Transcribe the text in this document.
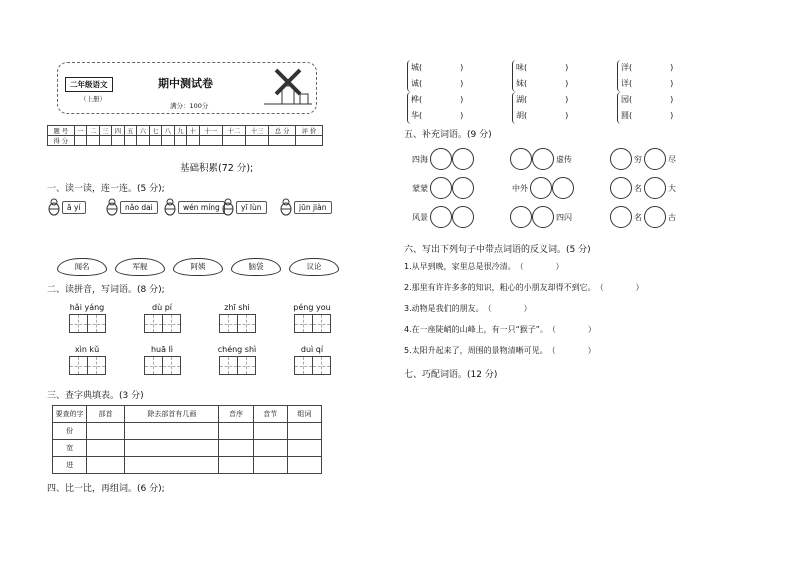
二年级语文
（上册）
期中测试卷
满分：100分
题 号	一	二	三	四	五	六	七	八	九	十	十一	十二	十三	总 分	评 价
得 分															
基础积累(72 分);
一、读一读，连一连。(5 分);
ā yí	nǎo dai	wén míng	yī lùn	jūn jiàn
闻名	军舰	阿姨	脑袋	议论
二、读拼音，写词语。(8 分);
hǎi yáng	dù pí	zhī shi	péng you
xìn kǔ	huā lì	chéng shì	duì qí
三、查字典填表。(3 分)
要查的字	部首	除去部首有几画	音序	音节	组词
份					
宽					
进					
四、比一比，再组词。(6 分);
城(	)
诚(	)
桦(	)
华(	)
味(	)
妹(	)
湖(	)
胡(	)
洋(	)
详(	)
园(	)
圆(	)
五、补充词语。(9 分)
四海	虚传	穷	尽
蒙蒙	中外	名	大
风景	四闪	名	古
六、写出下列句子中带点词语的反义词。(5 分)
1.从早到晚，家里总是很冷清。　（　　　　）
2.那里有许许多多的知识，粗心的小朋友却得不到它。　（　　　　）
3.动物是我们的朋友。　（　　　　）
4.在一座陡峭的山峰上，有一只“猴子”。　（　　　　）
5.太阳升起来了，周围的景物清晰可见。　（　　　　）
七、巧配词语。(12 分)
